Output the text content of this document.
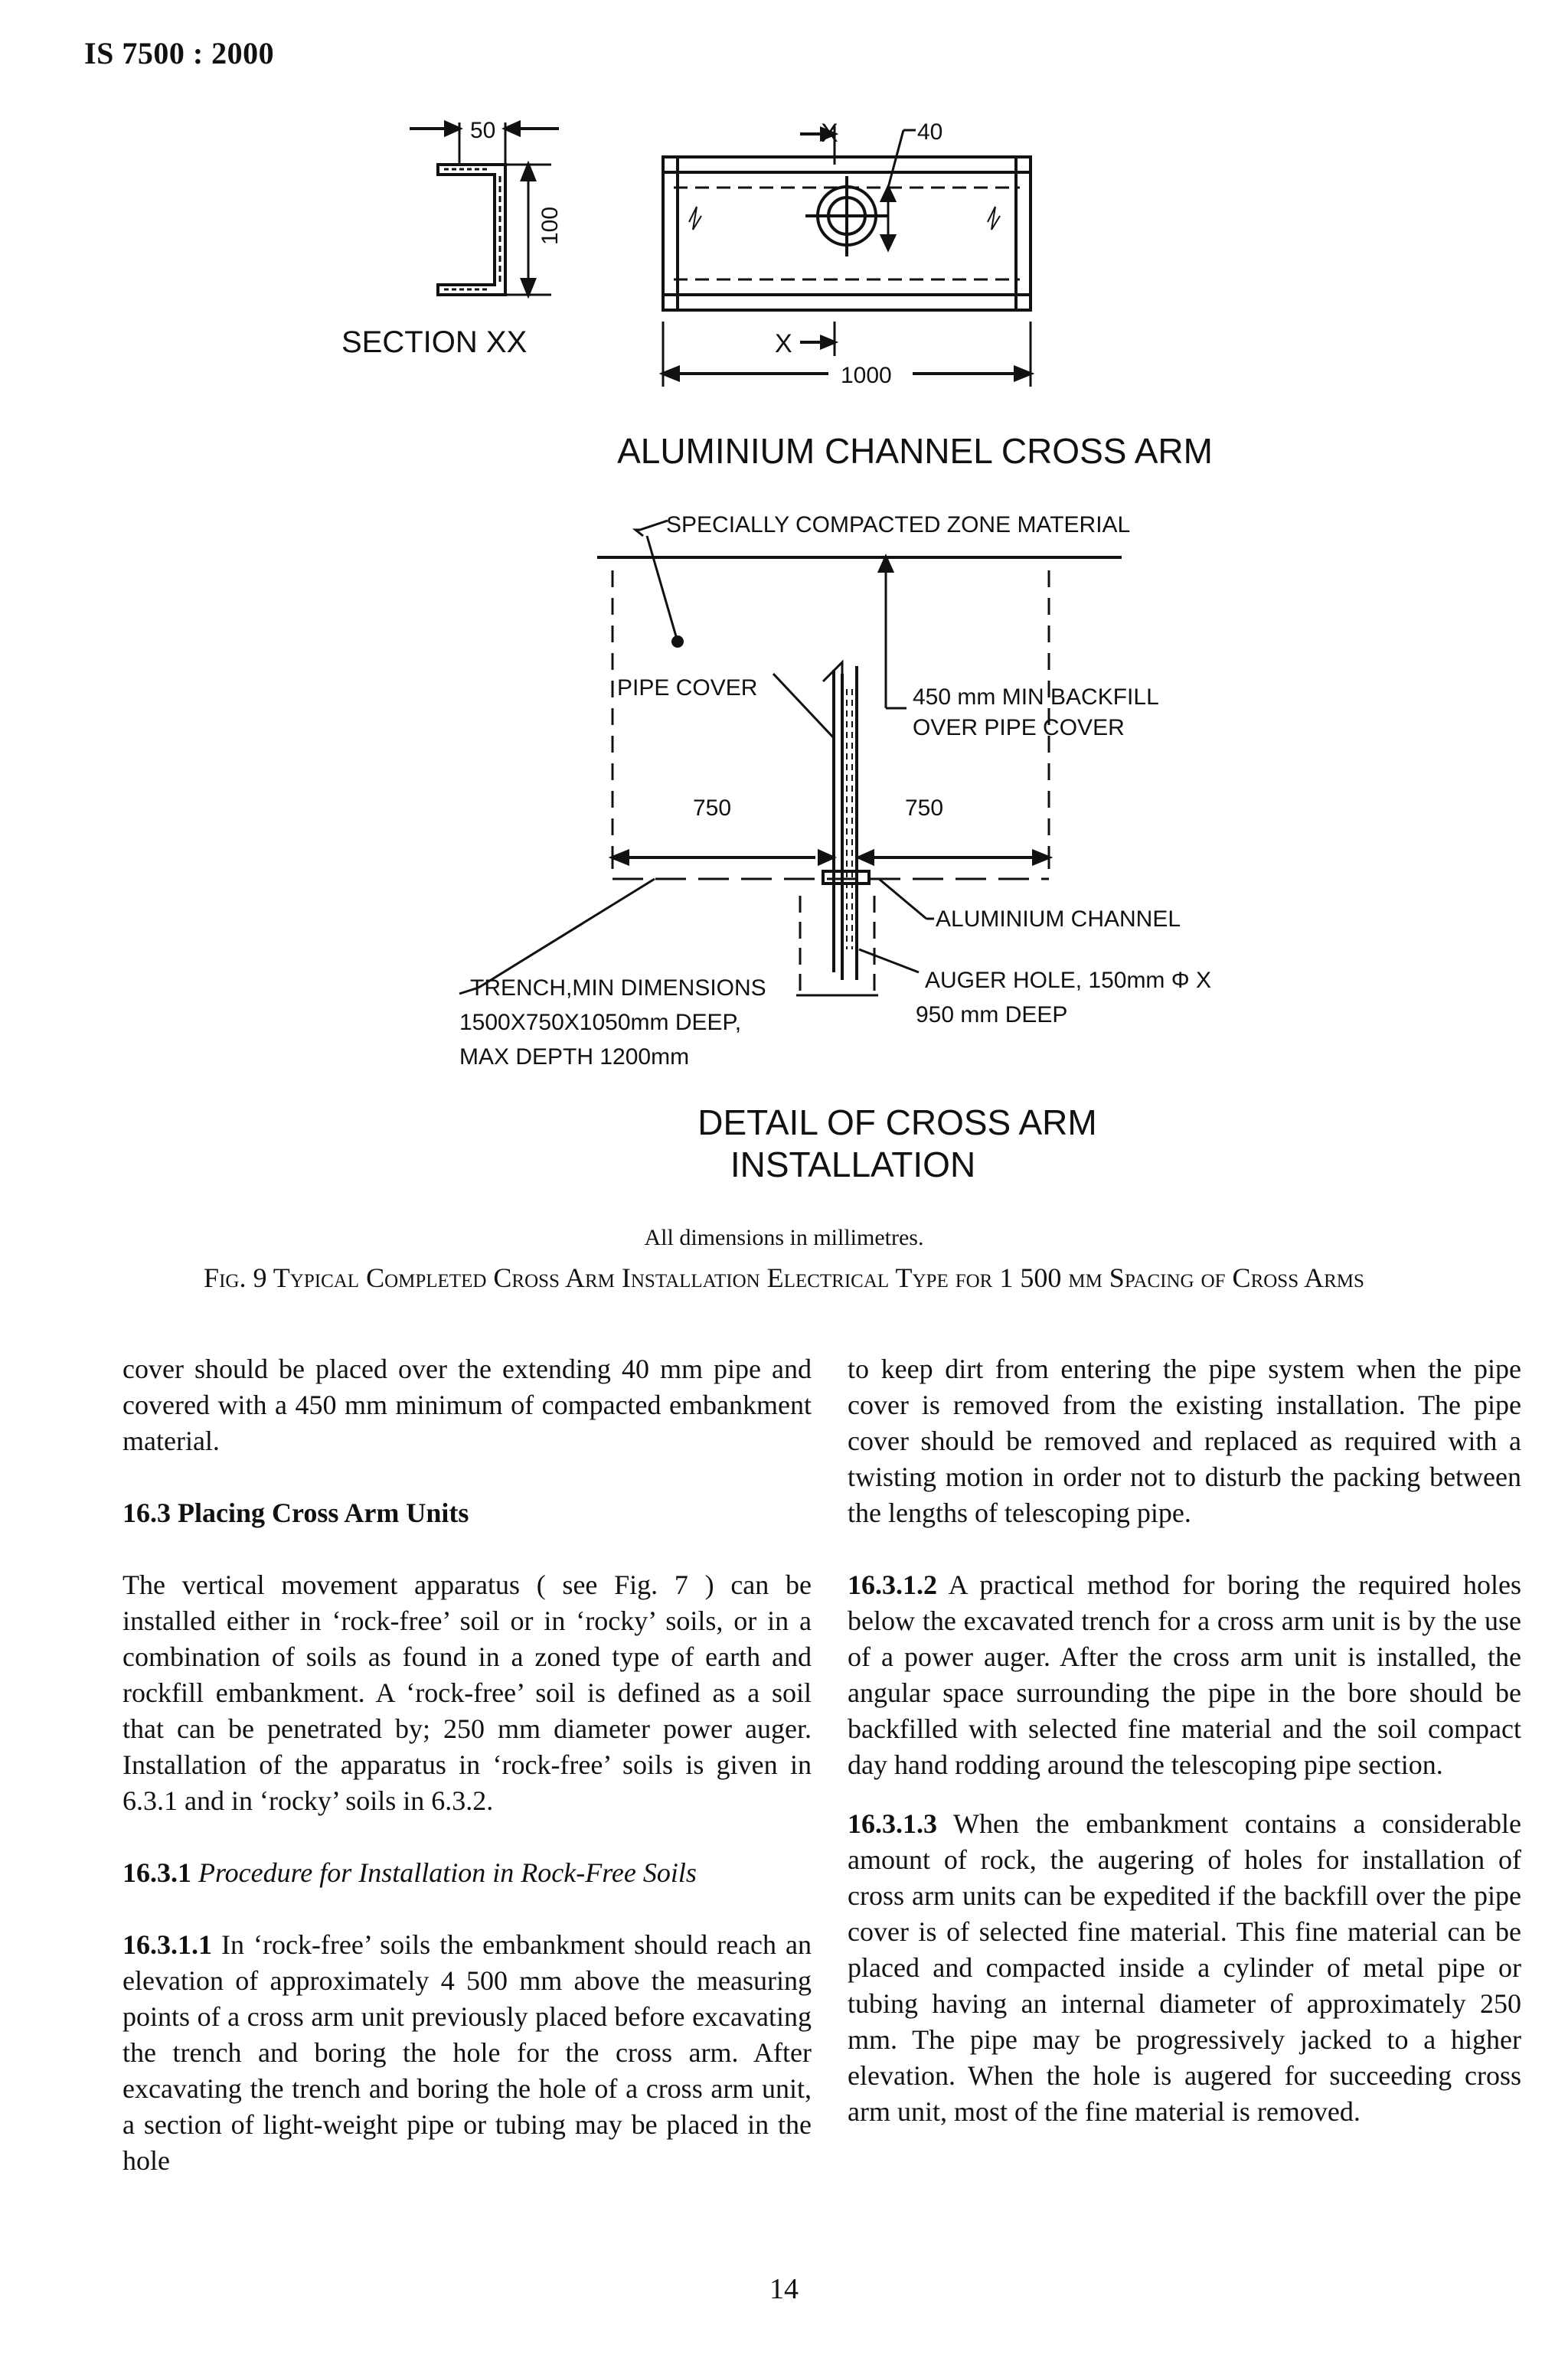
IS 7500 : 2000
50
100
SECTION XX
X	40
X
1000
ALUMINIUM CHANNEL CROSS ARM
SPECIALLY COMPACTED ZONE MATERIAL
PIPE COVER	450 mm MIN BACKFILL
OVER PIPE COVER
750	750
ALUMINIUM CHANNEL
TRENCH,MIN DIMENSIONS
1500X750X1050mm DEEP,
MAX DEPTH 1200mm
AUGER HOLE, 150mm Φ X
950 mm DEEP
DETAIL OF CROSS ARM
INSTALLATION
All dimensions in millimetres.
Fig. 9 Typical Completed Cross Arm Installation Electrical Type for 1 500 mm Spacing of Cross Arms

cover should be placed over the extending 40 mm pipe and covered with a 450 mm minimum of compacted embankment material.

16.3 Placing Cross Arm Units

The vertical movement apparatus ( see Fig. 7 ) can be installed either in ‘rock-free’ soil or in ‘rocky’ soils, or in a combination of soils as found in a zoned type of earth and rockfill embankment. A ‘rock-free’ soil is defined as a soil that can be penetrated by; 250 mm diameter power auger. Installation of the apparatus in ‘rock-free’ soils is given in 6.3.1 and in ‘rocky’ soils in 6.3.2.

16.3.1 Procedure for Installation in Rock-Free Soils

16.3.1.1 In ‘rock-free’ soils the embankment should reach an elevation of approximately 4 500 mm above the measuring points of a cross arm unit previously placed before excavating the trench and boring the hole for the cross arm. After excavating the trench and boring the hole of a cross arm unit, a section of light-weight pipe or tubing may be placed in the hole

to keep dirt from entering the pipe system when the pipe cover is removed from the existing installation. The pipe cover should be removed and replaced as required with a twisting motion in order not to disturb the packing between the lengths of telescoping pipe.

16.3.1.2 A practical method for boring the required holes below the excavated trench for a cross arm unit is by the use of a power auger. After the cross arm unit is installed, the angular space surrounding the pipe in the bore should be backfilled with selected fine material and the soil compact day hand rodding around the telescoping pipe section.

16.3.1.3 When the embankment contains a considerable amount of rock, the augering of holes for installation of cross arm units can be expedited if the backfill over the pipe cover is of selected fine material. This fine material can be placed and compacted inside a cylinder of metal pipe or tubing having an internal diameter of approximately 250 mm. The pipe may be progressively jacked to a higher elevation. When the hole is augered for succeeding cross arm unit, most of the fine material is removed.

14
